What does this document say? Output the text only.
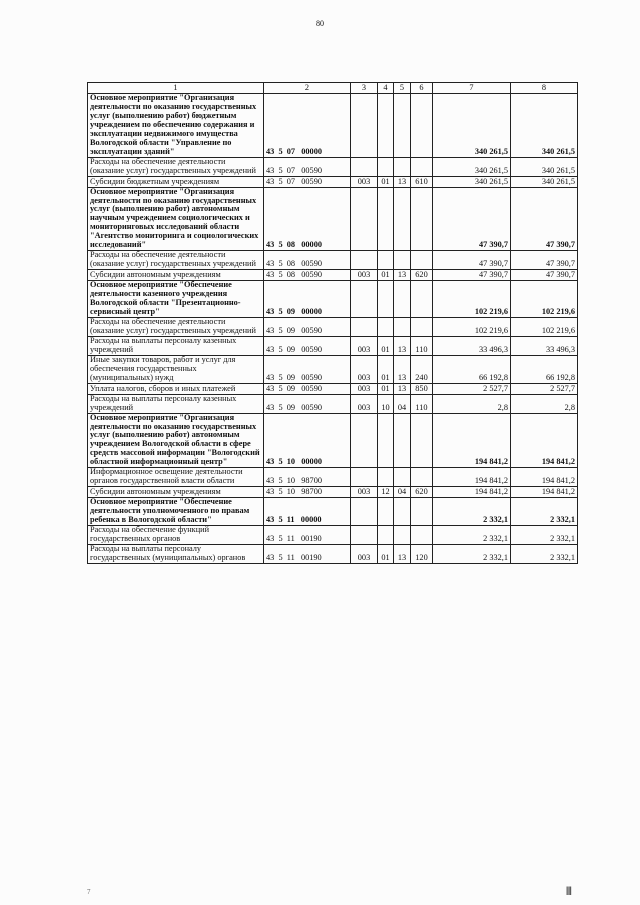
80
1	2	3	4	5	6	7	8
Основное мероприятие "Организация деятельности по оказанию государственных услуг (выполнению работ) бюджетным учреждением по обеспечению содержания и эксплуатации недвижимого имущества Вологодской области "Управление по эксплуатации зданий"	43  5  07   00000					340 261,5	340 261,5
Расходы на обеспечение деятельности (оказание услуг) государственных учреждений	43  5  07   00590					340 261,5	340 261,5
Субсидии бюджетным учреждениям	43  5  07   00590	003	01	13	610	340 261,5	340 261,5
Основное мероприятие "Организация деятельности по оказанию государственных услуг (выполнению работ) автономным научным учреждением социологических и мониторинговых исследований области "Агентство мониторинга и социологических исследований"	43  5  08   00000					47 390,7	47 390,7
Расходы на обеспечение деятельности (оказание услуг) государственных учреждений	43  5  08   00590					47 390,7	47 390,7
Субсидии автономным учреждениям	43  5  08   00590	003	01	13	620	47 390,7	47 390,7
Основное мероприятие "Обеспечение деятельности казенного учреждения Вологодской области "Презентационно-сервисный центр"	43  5  09   00000					102 219,6	102 219,6
Расходы на обеспечение деятельности (оказание услуг) государственных учреждений	43  5  09   00590					102 219,6	102 219,6
Расходы на выплаты персоналу казенных учреждений	43  5  09   00590	003	01	13	110	33 496,3	33 496,3
Иные закупки товаров, работ и услуг для обеспечения государственных (муниципальных) нужд	43  5  09   00590	003	01	13	240	66 192,8	66 192,8
Уплата налогов, сборов и иных платежей	43  5  09   00590	003	01	13	850	2 527,7	2 527,7
Расходы на выплаты персоналу казенных учреждений	43  5  09   00590	003	10	04	110	2,8	2,8
Основное мероприятие "Организация деятельности по оказанию государственных услуг (выполнению работ) автономным учреждением Вологодской области в сфере средств массовой информации "Вологодский областной информационный центр"	43  5  10   00000					194 841,2	194 841,2
Информационное освещение деятельности органов государственной власти области	43  5  10   98700					194 841,2	194 841,2
Субсидии автономным учреждениям	43  5  10   98700	003	12	04	620	194 841,2	194 841,2
Основное мероприятие "Обеспечение деятельности уполномоченного по правам ребенка в Вологодской области"	43  5  11   00000					2 332,1	2 332,1
Расходы на обеспечение функций государственных органов	43  5  11   00190					2 332,1	2 332,1
Расходы на выплаты персоналу государственных (муниципальных) органов	43  5  11   00190	003	01	13	120	2 332,1	2 332,1
7	||||||
